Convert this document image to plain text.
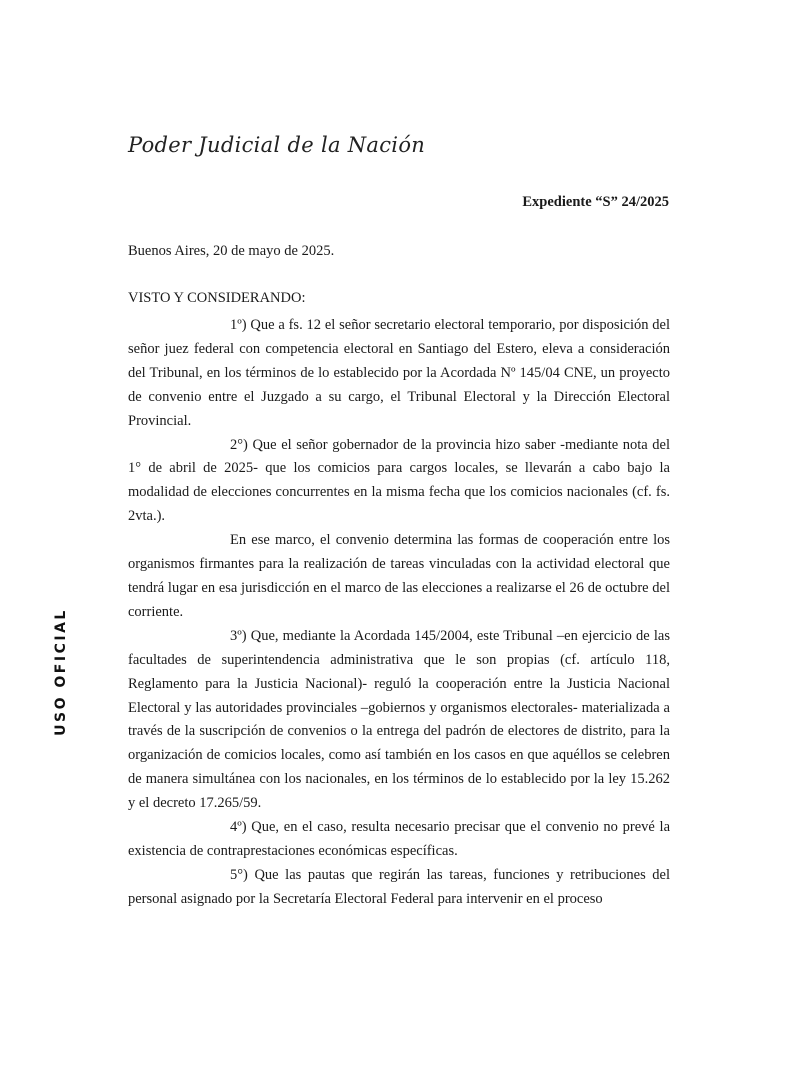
Poder Judicial de la Nación
Expediente “S” 24/2025
Buenos Aires, 20 de mayo de 2025.
VISTO Y CONSIDERANDO:

1º) Que a fs. 12 el señor secretario electoral temporario, por disposición del señor juez federal con competencia electoral en Santiago del Estero, eleva a consideración del Tribunal, en los términos de lo establecido por la Acordada Nº 145/04 CNE, un proyecto de convenio entre el Juzgado a su cargo, el Tribunal Electoral y la Dirección Electoral Provincial.

2°) Que el señor gobernador de la provincia hizo saber -mediante nota del 1° de abril de 2025- que los comicios para cargos locales, se llevarán a cabo bajo la modalidad de elecciones concurrentes en la misma fecha que los comicios nacionales (cf. fs. 2vta.).

En ese marco, el convenio determina las formas de cooperación entre los organismos firmantes para la realización de tareas vinculadas con la actividad electoral que tendrá lugar en esa jurisdicción en el marco de las elecciones a realizarse el 26 de octubre del corriente.

3º) Que, mediante la Acordada 145/2004, este Tribunal –en ejercicio de las facultades de superintendencia administrativa que le son propias (cf. artículo 118, Reglamento para la Justicia Nacional)- reguló la cooperación entre la Justicia Nacional Electoral y las autoridades provinciales –gobiernos y organismos electorales- materializada a través de la suscripción de convenios o la entrega del padrón de electores de distrito, para la organización de comicios locales, como así también en los casos en que aquéllos se celebren de manera simultánea con los nacionales, en los términos de lo establecido por la ley 15.262 y el decreto 17.265/59.

4º) Que, en el caso, resulta necesario precisar que el convenio no prevé la existencia de contraprestaciones económicas específicas.

5°) Que las pautas que regirán las tareas, funciones y retribuciones del personal asignado por la Secretaría Electoral Federal para intervenir en el proceso

USO OFICIAL
